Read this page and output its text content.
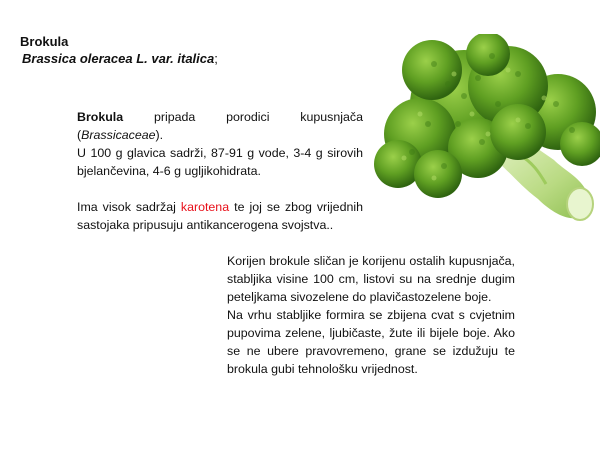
Brokula
Brassica oleracea L. var. italica;

Brokula pripada porodici kupusnjača (Brassicaceae).

U 100 g glavica sadrži, 87-91 g vode, 3-4 g sirovih bjelančevina, 4-6 g ugljikohidrata.

Ima visok sadržaj karotena te joj se zbog vrijednih sastojaka pripusuju antikancerogena svojstva..

Korijen brokule sličan je korijenu ostalih kupusnjača, stabljika visine 100 cm, listovi su na srednje dugim peteljkama sivozelene do plavičastozelene boje.

Na vrhu stabljike formira se zbijena cvat s cvjetnim pupovima zelene, ljubičaste, žute ili bijele boje. Ako se ne ubere pravovremeno, grane se izdužuju te brokula gubi tehnološku vrijednost.
